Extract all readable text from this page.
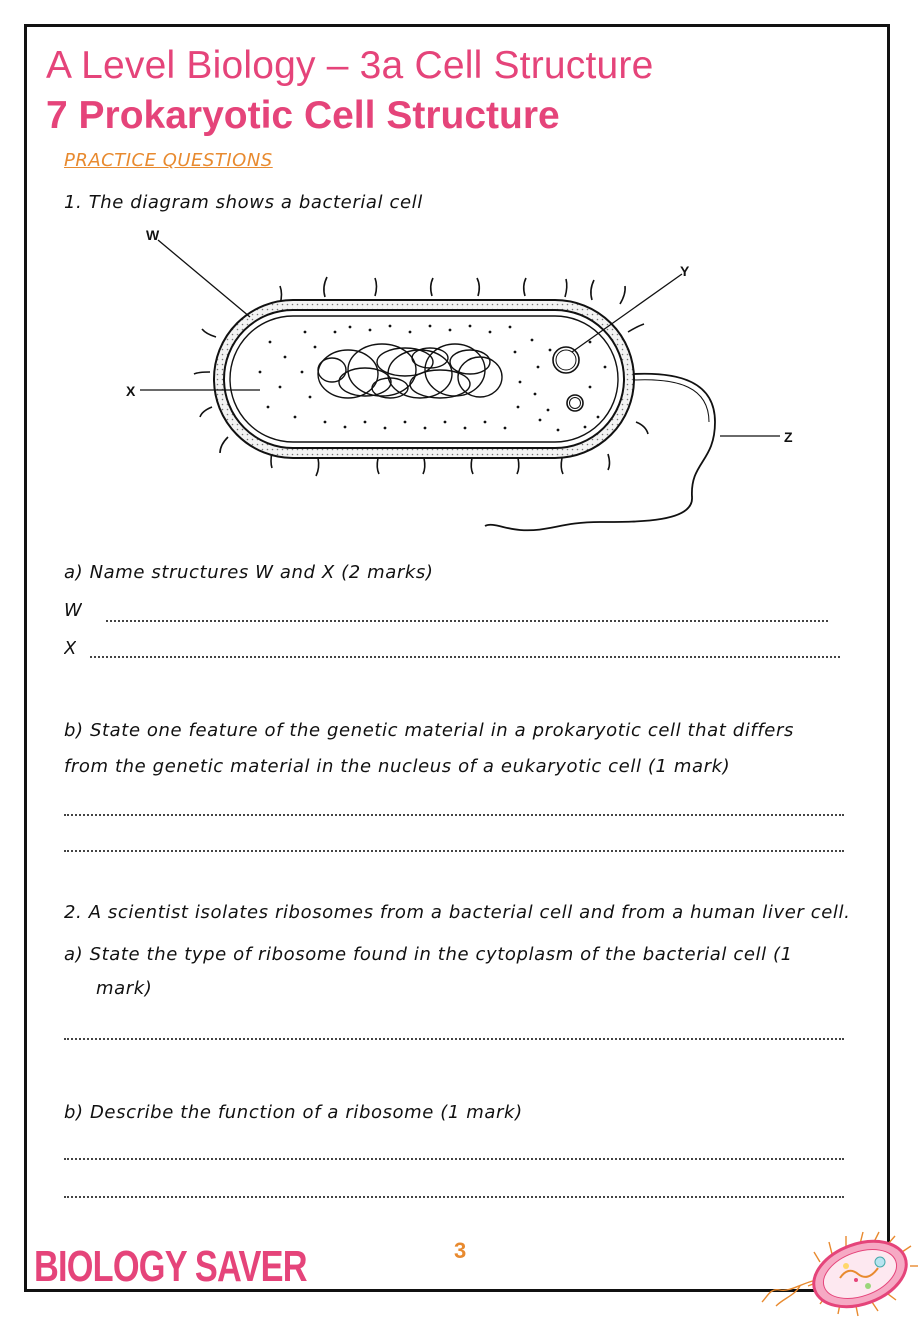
A Level Biology – 3a Cell Structure
7 Prokaryotic Cell Structure
PRACTICE QUESTIONS
1. The diagram shows a bacterial cell
W
X
Y
Z
a) Name structures W and X (2 marks)
W
X
b) State one feature of the genetic material in a prokaryotic cell that differs
from the genetic material in the nucleus of a eukaryotic cell (1 mark)
2. A scientist isolates ribosomes from a bacterial cell and from a human liver cell.
a) State the type of ribosome found in the cytoplasm of the bacterial cell (1
mark)
b) Describe the function of a ribosome (1 mark)
BIOLOGY SAVER	3
